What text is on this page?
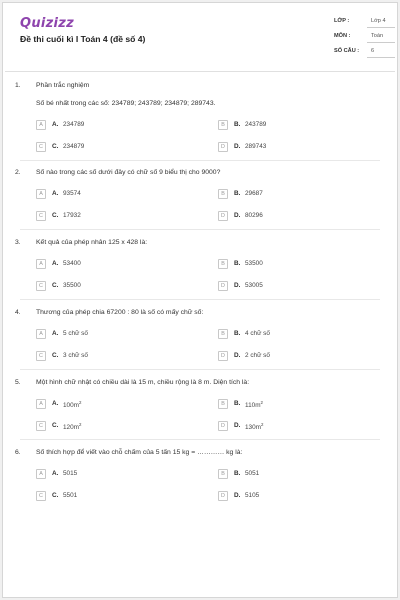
Quizizz
Đề thi cuối kì I Toán 4 (đề số 4)
LỚP :	Lớp 4
MÔN :	Toán
SỐ CÂU : 6
1. Phần trắc nghiệm
Số bé nhất trong các số: 234789; 243789; 234879; 289743.
A	A. 234789	B	B. 243789
C	C. 234879	D	D. 289743
2. Số nào trong các số dưới đây có chữ số 9 biểu thị cho 9000?
A	A. 93574	B	B. 29687
C	C. 17932	D	D. 80296
3. Kết quả của phép nhân 125 x 428 là:
A	A. 53400	B	B. 53500
C	C. 35500	D	D. 53005
4. Thương của phép chia 67200 : 80 là số có mấy chữ số:
A	A. 5 chữ số	B	B. 4 chữ số
C	C. 3 chữ số	D	D. 2 chữ số
5. Một hình chữ nhật có chiều dài là 15 m, chiều rộng là 8 m. Diện tích là:
A	A. $100m^2$	B	B. $110m^2$
C	C. $120m^2$	D	D. $130m^2$
6. Số thích hợp để viết vào chỗ chấm của 5 tấn 15 kg = ………… kg là:
A	A. 5015	B	B. 5051
C	C. 5501	D	D. 5105
